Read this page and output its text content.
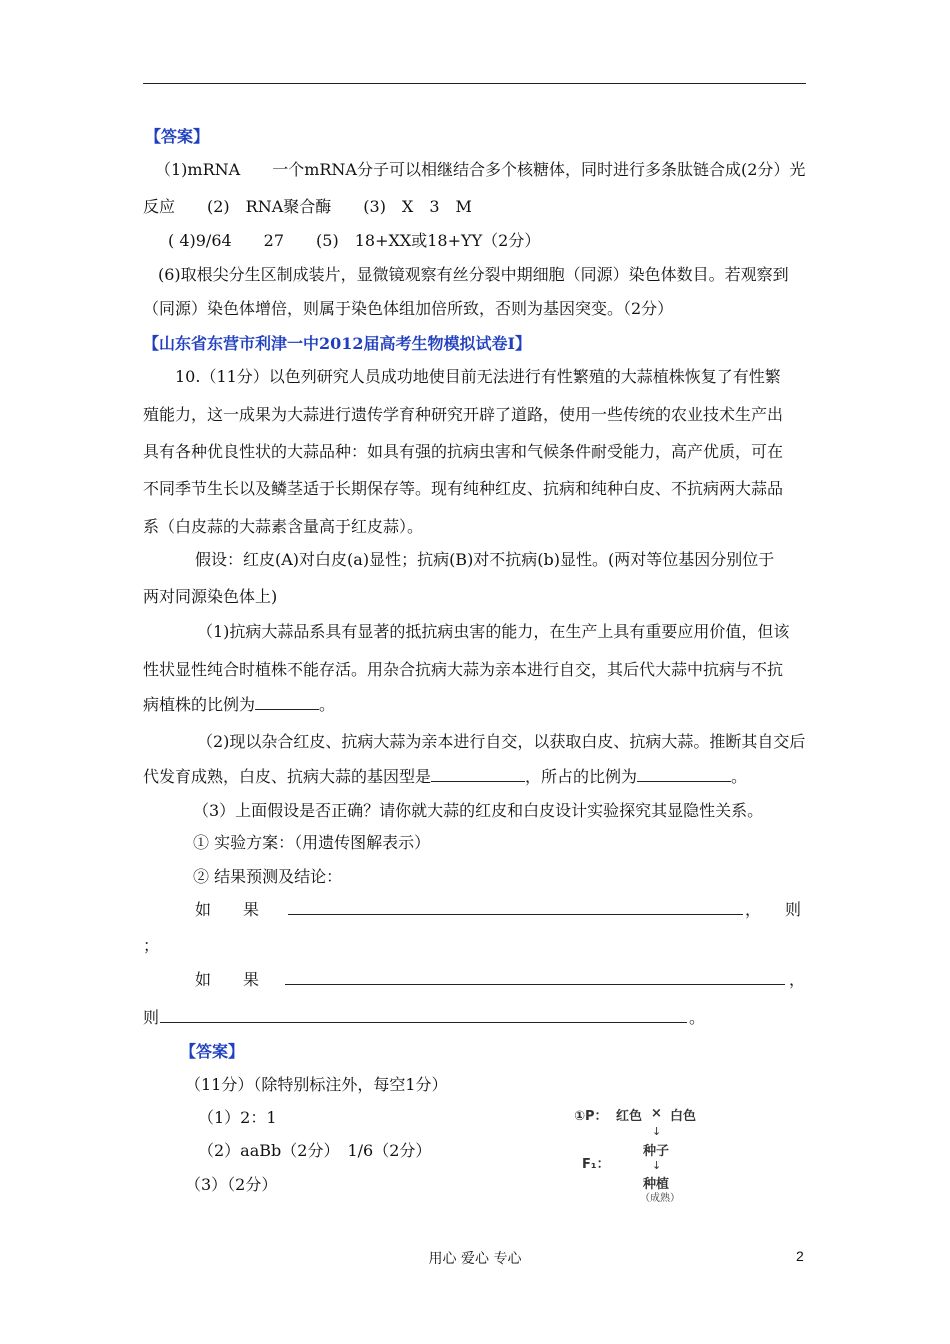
【答案】
（1)mRNA　　一个mRNA分子可以相继结合多个核糖体，同时进行多条肽链合成(2分）光
反应　　(2)　RNA聚合酶　　(3)　X　3　M
( 4)9/64　　27　　(5)　18+XX或18+YY（2分）
(6)取根尖分生区制成装片，显微镜观察有丝分裂中期细胞（同源）染色体数目。若观察到
（同源）染色体增倍，则属于染色体组加倍所致，否则为基因突变。（2分）
【山东省东营市利津一中2012届高考生物模拟试卷Ⅰ】
10.（11分）以色列研究人员成功地使目前无法进行有性繁殖的大蒜植株恢复了有性繁
殖能力，这一成果为大蒜进行遗传学育种研究开辟了道路，使用一些传统的农业技术生产出
具有各种优良性状的大蒜品种：如具有强的抗病虫害和气候条件耐受能力，高产优质，可在
不同季节生长以及鳞茎适于长期保存等。现有纯种红皮、抗病和纯种白皮、不抗病两大蒜品
系（白皮蒜的大蒜素含量高于红皮蒜）。
假设：红皮(A)对白皮(a)显性；抗病(B)对不抗病(b)显性。(两对等位基因分别位于
两对同源染色体上)
（1)抗病大蒜品系具有显著的抵抗病虫害的能力，在生产上具有重要应用价值，但该
性状显性纯合时植株不能存活。用杂合抗病大蒜为亲本进行自交，其后代大蒜中抗病与不抗
病植株的比例为	。
（2)现以杂合红皮、抗病大蒜为亲本进行自交，以获取白皮、抗病大蒜。推断其自交后
代发育成熟，白皮、抗病大蒜的基因型是	，所占的比例为	。
（3）上面假设是否正确？请你就大蒜的红皮和白皮设计实验探究其显隐性关系。
① 实验方案：（用遗传图解表示）
② 结果预测及结论：
如　　果	，　　则
；
如　　果	，
则	。
【答案】
（11分）（除特别标注外，每空1分）
（1）2：1
（2）aaBb（2分）　1/6（2分）
（3）（2分）
①P： 红色 × 白色
↓
种子
F₁：	↓
种植
（成熟）
用心 爱心 专心	2
